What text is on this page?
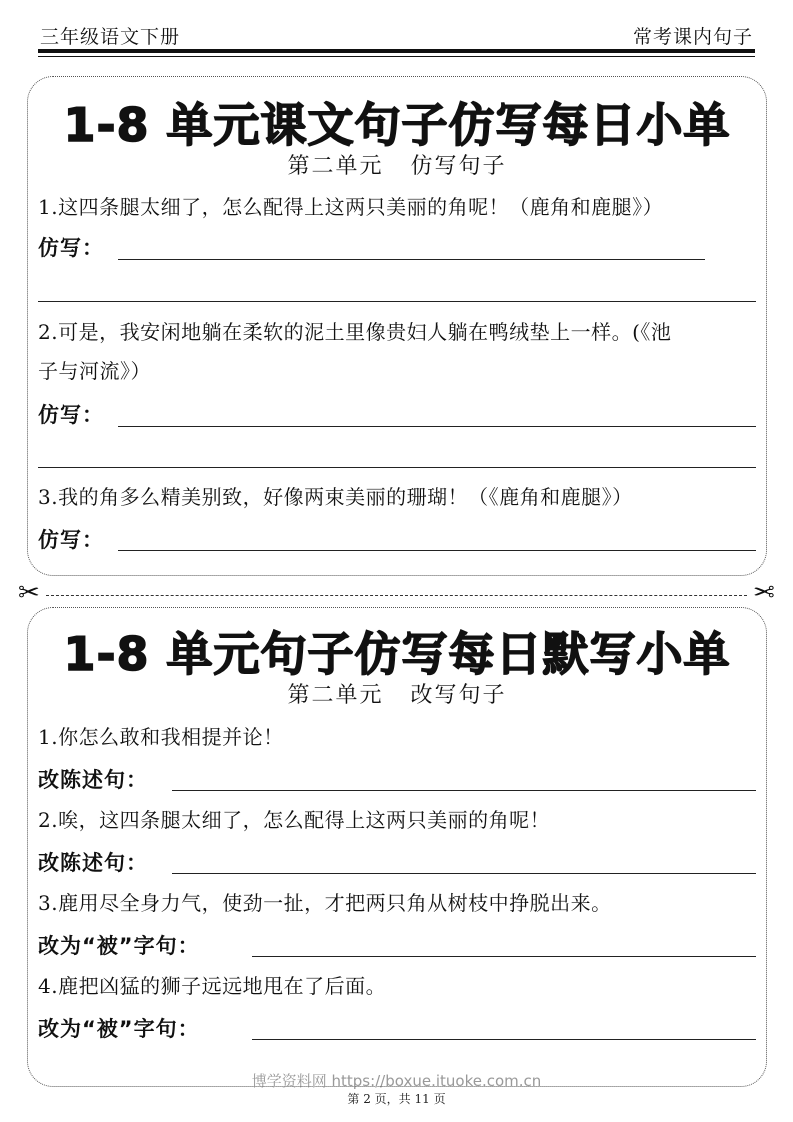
三年级语文下册	常考课内句子
1-8 单元课文句子仿写每日小单
第二单元 仿写句子
1.这四条腿太细了，怎么配得上这两只美丽的角呢！（鹿角和鹿腿》）
仿写：
2.可是，我安闲地躺在柔软的泥土里像贵妇人躺在鸭绒垫上一样。(《池
子与河流》）
仿写：
3.我的角多么精美别致，好像两束美丽的珊瑚！（《鹿角和鹿腿》）
仿写：
✂	✂
1-8 单元句子仿写每日默写小单
第二单元 改写句子
1.你怎么敢和我相提并论！
改陈述句：
2.唉，这四条腿太细了，怎么配得上这两只美丽的角呢！
改陈述句：
3.鹿用尽全身力气，使劲一扯，才把两只角从树枝中挣脱出来。
改为“被”字句：
4.鹿把凶猛的狮子远远地甩在了后面。
改为“被”字句：
博学资料网 https://boxue.ituoke.com.cn
第 2 页，共 11 页
